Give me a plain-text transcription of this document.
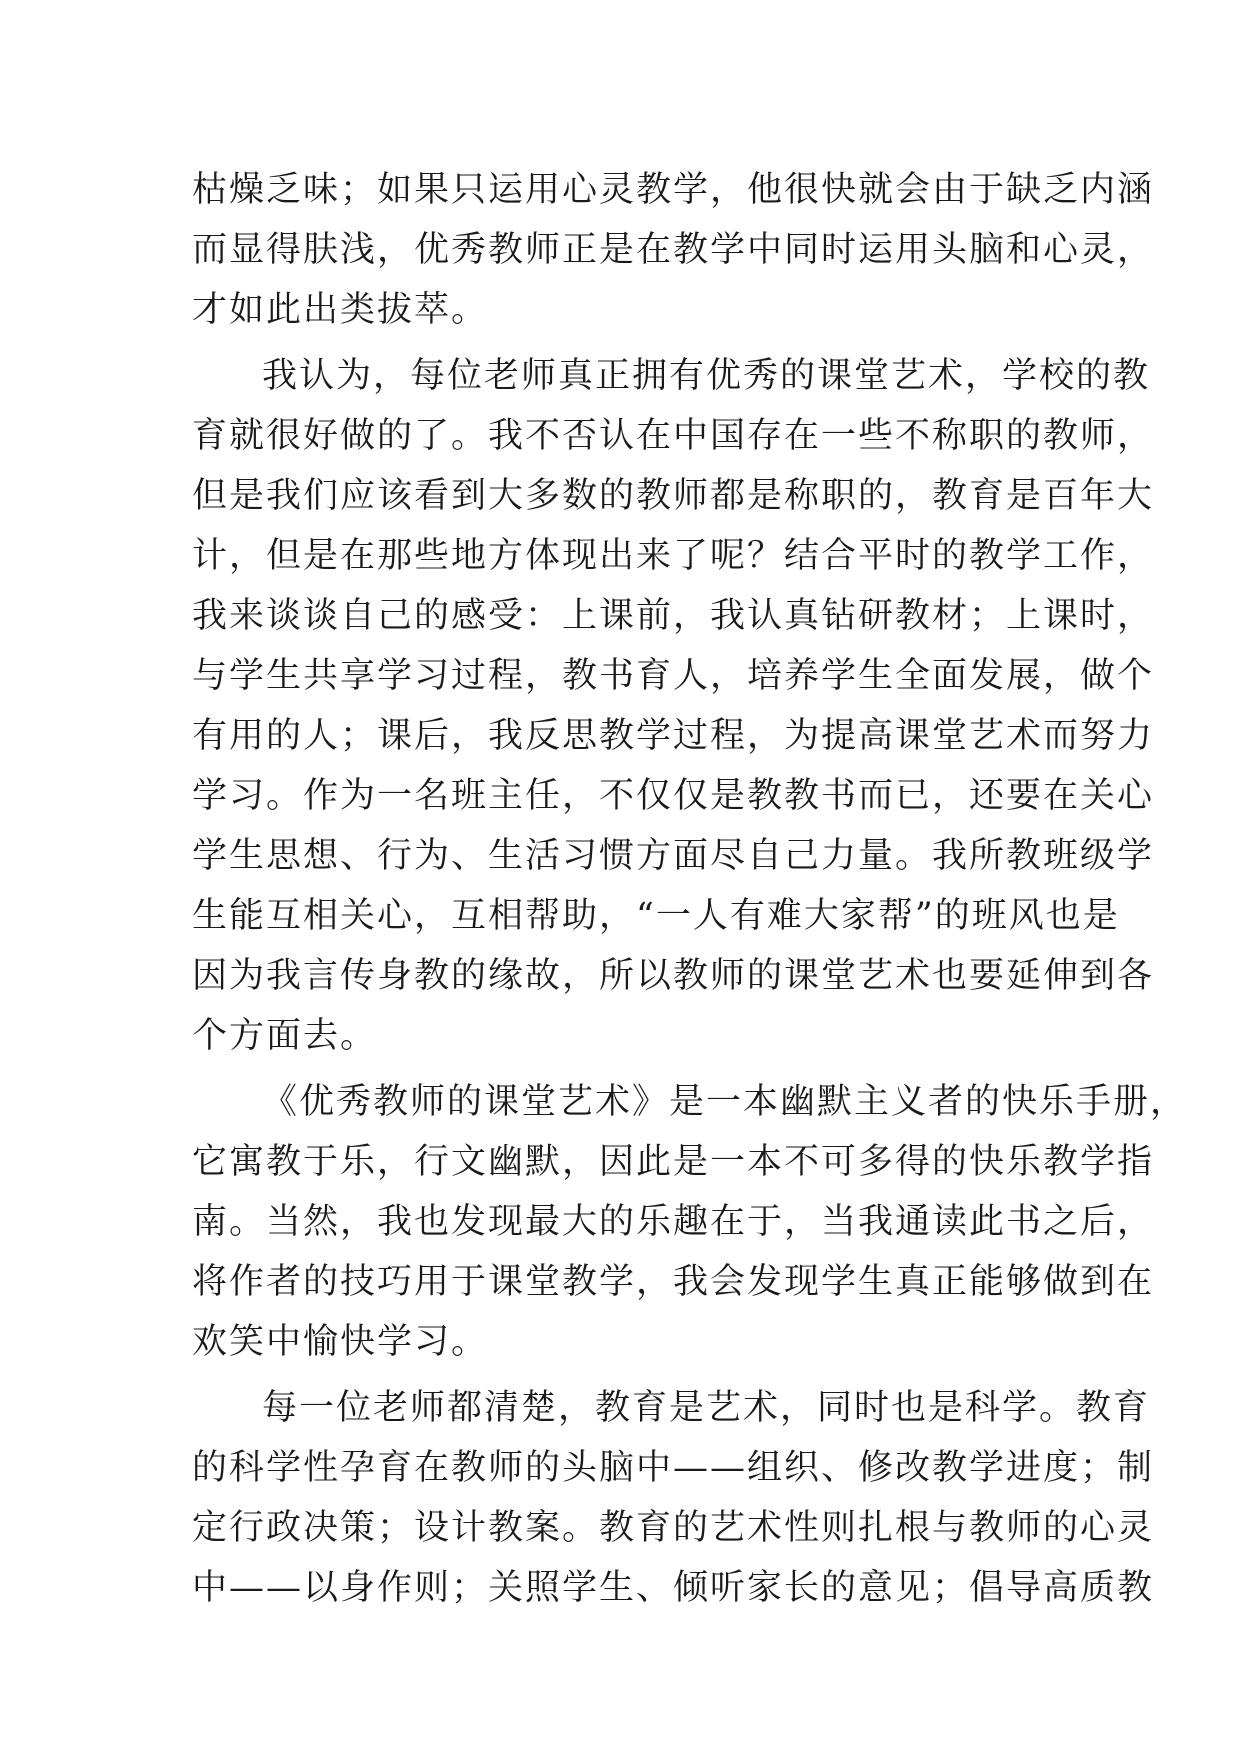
枯燥乏味；如果只运用心灵教学，他很快就会由于缺乏内涵
而显得肤浅，优秀教师正是在教学中同时运用头脑和心灵，
才如此出类拔萃。
我认为，每位老师真正拥有优秀的课堂艺术，学校的教
育就很好做的了。我不否认在中国存在一些不称职的教师，
但是我们应该看到大多数的教师都是称职的，教育是百年大
计，但是在那些地方体现出来了呢？结合平时的教学工作，
我来谈谈自己的感受：上课前，我认真钻研教材；上课时，
与学生共享学习过程，教书育人，培养学生全面发展，做个
有用的人；课后，我反思教学过程，为提高课堂艺术而努力
学习。作为一名班主任，不仅仅是教教书而已，还要在关心
学生思想、行为、生活习惯方面尽自己力量。我所教班级学
生能互相关心，互相帮助，“一人有难大家帮”的班风也是
因为我言传身教的缘故，所以教师的课堂艺术也要延伸到各
个方面去。
《优秀教师的课堂艺术》是一本幽默主义者的快乐手册，
它寓教于乐，行文幽默，因此是一本不可多得的快乐教学指
南。当然，我也发现最大的乐趣在于，当我通读此书之后，
将作者的技巧用于课堂教学，我会发现学生真正能够做到在
欢笑中愉快学习。
每一位老师都清楚，教育是艺术，同时也是科学。教育
的科学性孕育在教师的头脑中——组织、修改教学进度；制
定行政决策；设计教案。教育的艺术性则扎根与教师的心灵
中——以身作则；关照学生、倾听家长的意见；倡导高质教
